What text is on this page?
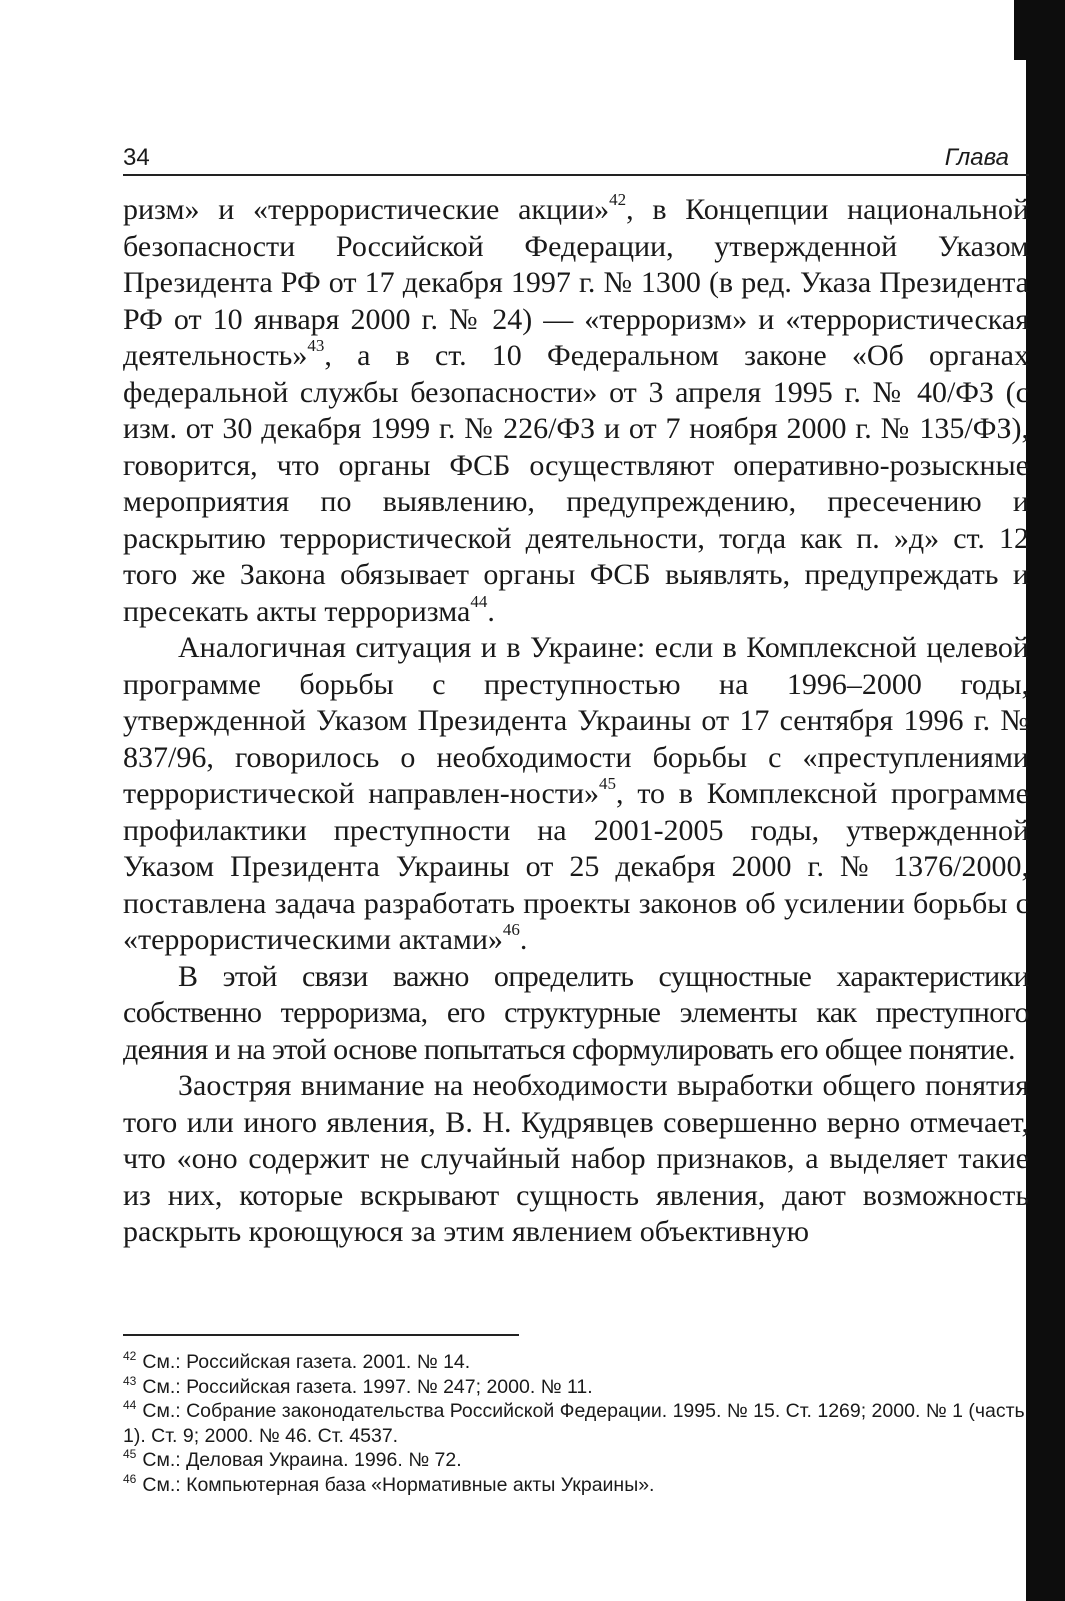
34	Глава

ризм» и «террористические акции»$^{42}$, в Концепции национальной безопасности Российской Федерации, утвержденной Указом Президента РФ от 17 декабря 1997 г. № 1300 (в ред. Указа Президента РФ от 10 января 2000 г. № 24) — «терроризм» и «террористическая деятельность»$^{43}$, а в ст. 10 Федеральном законе «Об органах федеральной службы безопасности» от 3 апреля 1995 г. № 40/ФЗ (с изм. от 30 декабря 1999 г. № 226/ФЗ и от 7 ноября 2000 г. № 135/ФЗ), говорится, что органы ФСБ осуществляют оперативно-розыскные мероприятия по выявлению, предупреждению, пресечению и раскрытию террористической деятельности, тогда как п. »д» ст. 12 того же Закона обязывает органы ФСБ выявлять, предупреждать и пресекать акты терроризма$^{44}$.

Аналогичная ситуация и в Украине: если в Комплексной целевой программе борьбы с преступностью на 1996–2000 годы, утвержденной Указом Президента Украины от 17 сентября 1996 г. № 837/96, говорилось о необходимости борьбы с «преступлениями террористической направлен-ности»$^{45}$, то в Комплексной программе профилактики преступности на 2001-2005 годы, утвержденной Указом Президента Украины от 25 декабря 2000 г. № 1376/2000, поставлена задача разработать проекты законов об усилении борьбы с «террористическими актами»$^{46}$.

В этой связи важно определить сущностные характеристики собственно терроризма, его структурные элементы как преступного деяния и на этой основе попытаться сформулировать его общее понятие.

Заостряя внимание на необходимости выработки общего понятия того или иного явления, В. Н. Кудрявцев совершенно верно отмечает, что «оно содержит не случайный набор признаков, а выделяет такие из них, которые вскрывают сущность явления, дают возможность раскрыть кроющуюся за этим явлением объективную

$^{42}$ См.: Российская газета. 2001. № 14.

$^{43}$ См.: Российская газета. 1997. № 247; 2000. № 11.

$^{44}$ См.: Собрание законодательства Российской Федерации. 1995. № 15. Ст. 1269; 2000. № 1 (часть 1). Ст. 9; 2000. № 46. Ст. 4537.

$^{45}$ См.: Деловая Украина. 1996. № 72.

$^{46}$ См.: Компьютерная база «Нормативные акты Украины».
